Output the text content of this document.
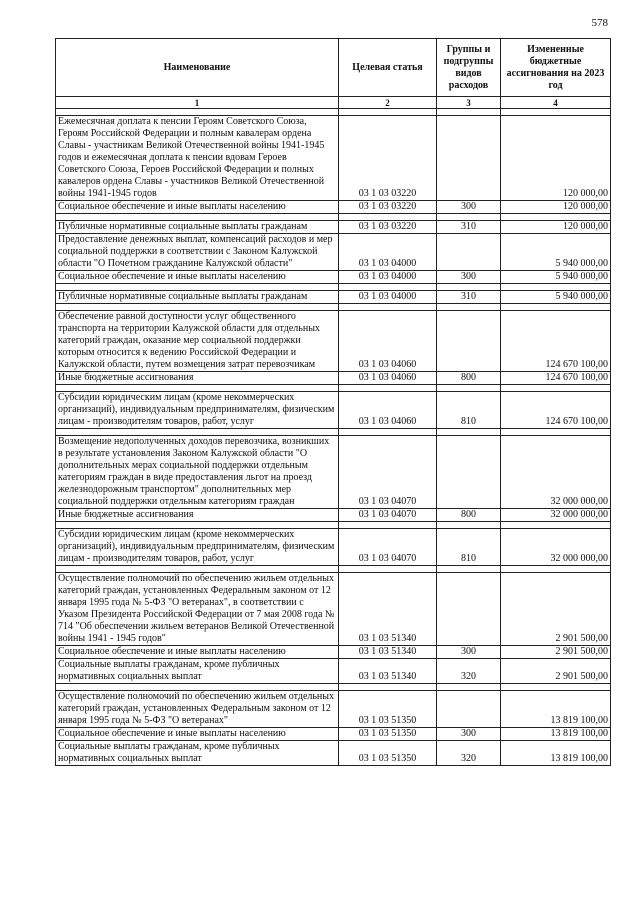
578
Наименование	Целевая статья	Группы и подгруппы видов расходов	Измененные бюджетные ассигнования на 2023 год
1	2	3	4

Ежемесячная доплата к пенсии Героям Советского Союза, Героям Российской Федерации и полным кавалерам ордена Славы - участникам Великой Отечественной войны 1941-1945 годов и ежемесячная доплата к пенсии вдовам Героев Советского Союза, Героев Российской Федерации и полных кавалеров ордена Славы - участников Великой Отечественной войны 1941-1945 годов	03 1 03 03220		120 000,00
Социальное обеспечение и иные выплаты населению	03 1 03 03220	300	120 000,00

Публичные нормативные социальные выплаты гражданам	03 1 03 03220	310	120 000,00
Предоставление денежных выплат, компенсаций расходов и мер социальной поддержки в соответствии с Законом Калужской области "О Почетном гражданине Калужской области"	03 1 03 04000		5 940 000,00
Социальное обеспечение и иные выплаты населению	03 1 03 04000	300	5 940 000,00

Публичные нормативные социальные выплаты гражданам	03 1 03 04000	310	5 940 000,00

Обеспечение равной доступности услуг общественного транспорта на территории Калужской области для отдельных категорий граждан, оказание мер социальной поддержки которым относится к ведению Российской Федерации и Калужской области, путем возмещения затрат перевозчикам	03 1 03 04060		124 670 100,00
Иные бюджетные ассигнования	03 1 03 04060	800	124 670 100,00

Субсидии юридическим лицам (кроме некоммерческих организаций), индивидуальным предпринимателям, физическим лицам - производителям товаров, работ, услуг	03 1 03 04060	810	124 670 100,00

Возмещение недополученных доходов перевозчика, возникших в результате установления Законом Калужской области "О дополнительных мерах социальной поддержки отдельным категориям граждан в виде предоставления льгот на проезд железнодорожным транспортом" дополнительных мер социальной поддержки отдельным категориям граждан	03 1 03 04070		32 000 000,00
Иные бюджетные ассигнования	03 1 03 04070	800	32 000 000,00

Субсидии юридическим лицам (кроме некоммерческих организаций), индивидуальным предпринимателям, физическим лицам - производителям товаров, работ, услуг	03 1 03 04070	810	32 000 000,00

Осуществление полномочий по обеспечению жильем отдельных категорий граждан, установленных Федеральным законом от 12 января 1995 года № 5-ФЗ "О ветеранах", в соответствии с Указом Президента Российской Федерации от 7 мая 2008 года № 714 "Об обеспечении жильем ветеранов Великой Отечественной войны 1941 - 1945 годов"	03 1 03 51340		2 901 500,00
Социальное обеспечение и иные выплаты населению	03 1 03 51340	300	2 901 500,00
Социальные выплаты гражданам, кроме публичных нормативных социальных выплат	03 1 03 51340	320	2 901 500,00

Осуществление полномочий по обеспечению жильем отдельных категорий граждан, установленных Федеральным законом от 12 января 1995 года № 5-ФЗ "О ветеранах"	03 1 03 51350		13 819 100,00
Социальное обеспечение и иные выплаты населению	03 1 03 51350	300	13 819 100,00
Социальные выплаты гражданам, кроме публичных нормативных социальных выплат	03 1 03 51350	320	13 819 100,00
